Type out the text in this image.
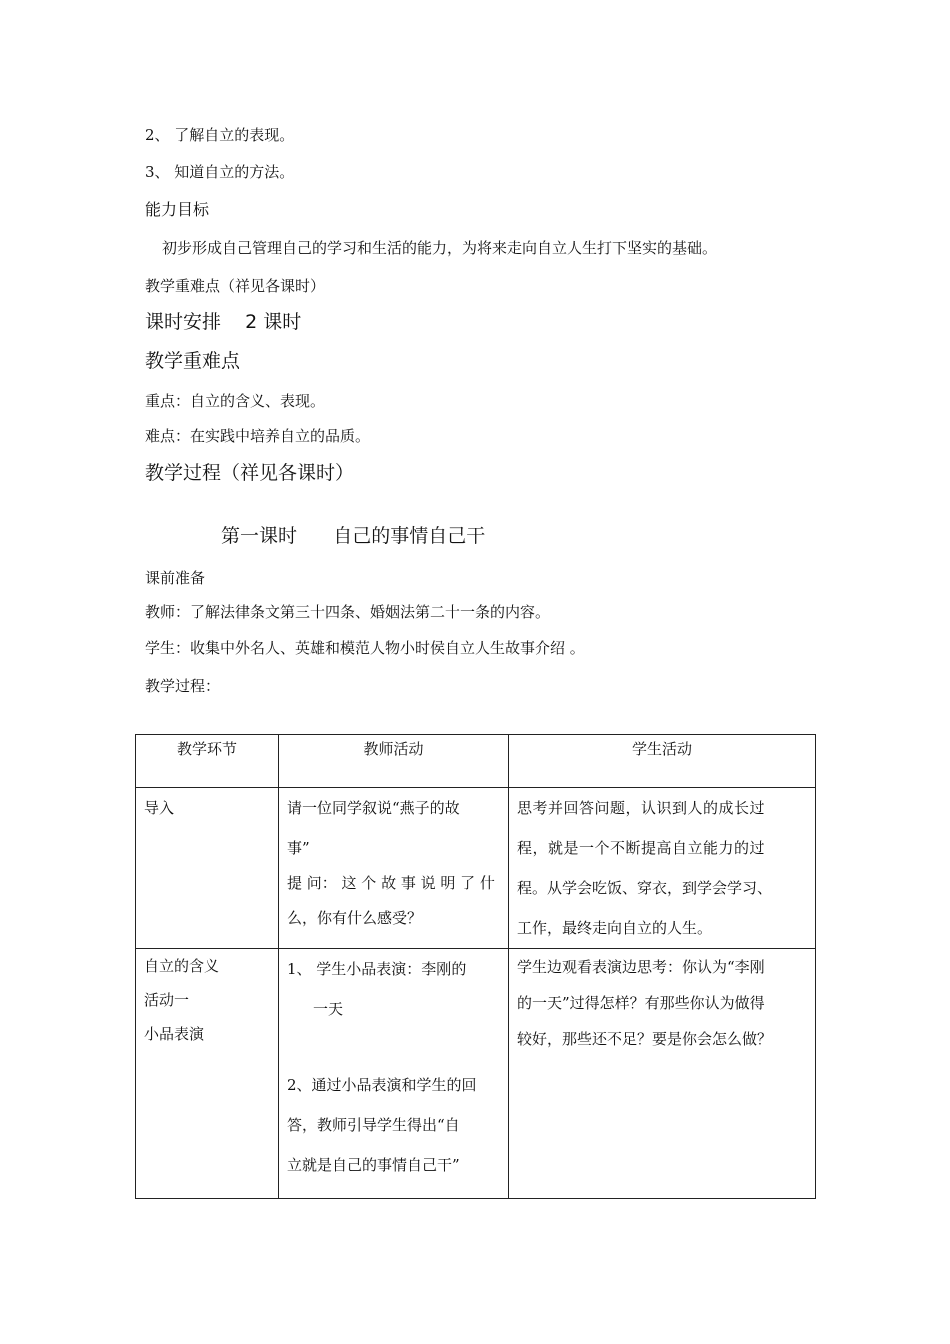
2、 了解自立的表现。
3、 知道自立的方法。
能力目标
初步形成自己管理自己的学习和生活的能力，为将来走向自立人生打下坚实的基础。
教学重难点（祥见各课时）
课时安排    2 课时
教学重难点
重点：自立的含义、表现。
难点：在实践中培养自立的品质。
教学过程（祥见各课时）
第一课时      自己的事情自己干
课前准备
教师：了解法律条文第三十四条、婚姻法第二十一条的内容。
学生：收集中外名人、英雄和模范人物小时侯自立人生故事介绍 。
教学过程：
教学环节	教师活动	学生活动

导入	请一位同学叙说“燕子的故
事”
提 问： 这 个 故 事 说 明 了 什
么，你有什么感受？	思考并回答问题，认识到人的成长过
程，就是一个不断提高自立能力的过
程。从学会吃饭、穿衣，到学会学习、
工作，最终走向自立的人生。

自立的含义
活动一
小品表演	1、 学生小品表演：李刚的
一天
2、通过小品表演和学生的回
答，教师引导学生得出“自
立就是自己的事情自己干”	学生边观看表演边思考：你认为“李刚
的一天”过得怎样？有那些你认为做得
较好，那些还不足？要是你会怎么做？
